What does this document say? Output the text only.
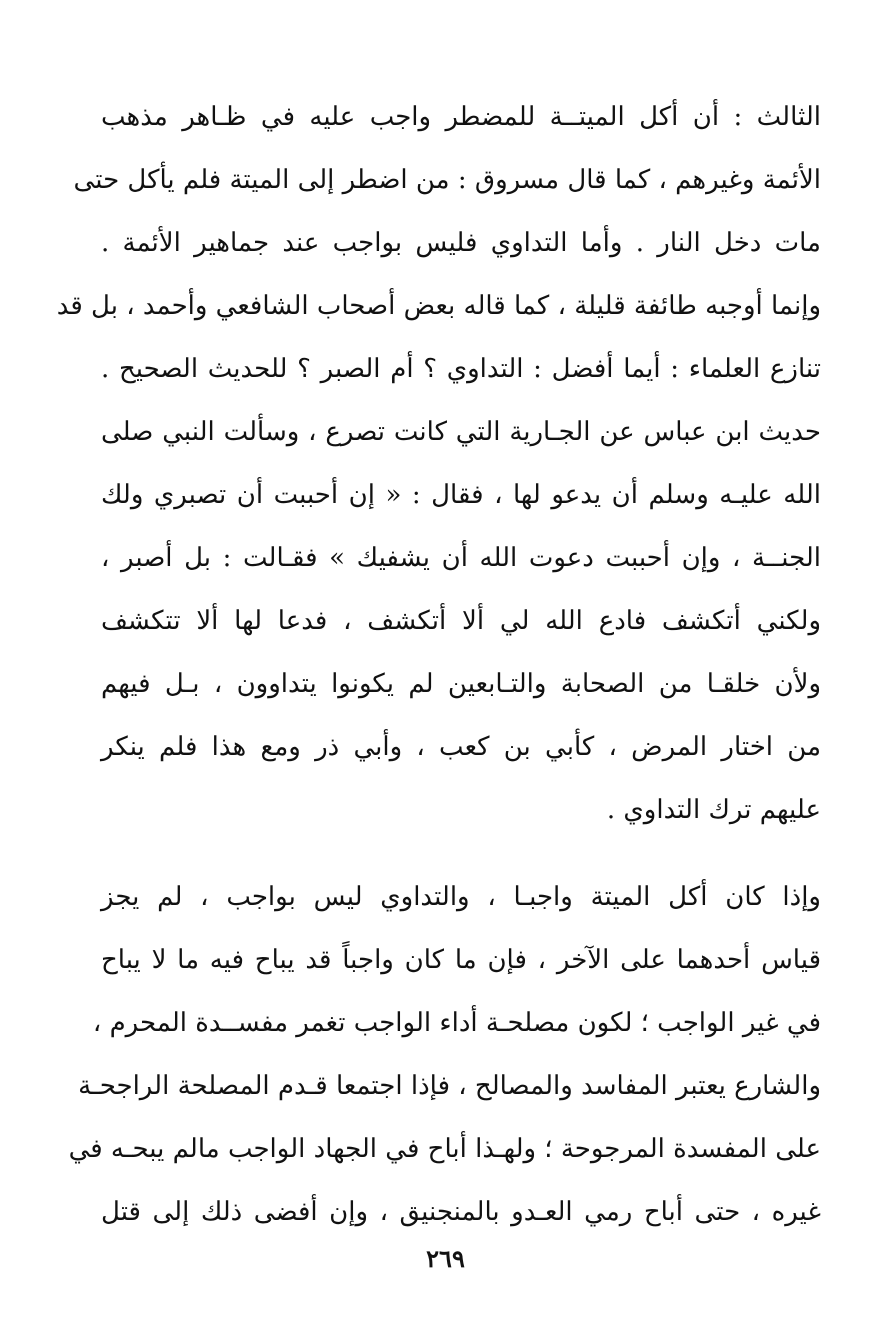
الثالث : أن أكل الميتــة للمضطر واجب عليه في ظـاهر مذهب
الأئمة وغيرهم ، كما قال مسروق : من اضطر إلى الميتة فلم يأكل حتى
مات دخل النار . وأما التداوي فليس بواجب عند جماهير الأئمة .
وإنما أوجبه طائفة قليلة ، كما قاله بعض أصحاب الشافعي وأحمد ، بل قد
تنازع العلماء : أيما أفضل : التداوي ؟ أم الصبر ؟ للحديث الصحيح .
حديث ابن عباس عن الجـارية التي كانت تصرع ، وسألت النبي صلى
الله عليـه وسلم أن يدعو لها ، فقال : « إن أحببت أن تصبري ولك
الجنــة ، وإن أحببت دعوت الله أن يشفيك » فقـالت : بل أصبر ،
ولكني أتكشف فادع الله لي ألا أتكشف ، فدعا لها ألا تتكشف
ولأن خلقـا من الصحابة والتـابعين لم يكونوا يتداوون ، بـل فيهم
من اختار المرض ، كأبي بن كعب ، وأبي ذر ومع هذا فلم ينكر
عليهم ترك التداوي .
وإذا كان أكل الميتة واجبـا ، والتداوي ليس بواجب ، لم يجز
قياس أحدهما على الآخر ، فإن ما كان واجباً قد يباح فيه ما لا يباح
في غير الواجب ؛ لكون مصلحـة أداء الواجب تغمر مفســدة المحرم ،
والشارع يعتبر المفاسد والمصالح ، فإذا اجتمعا قـدم المصلحة الراجحـة
على المفسدة المرجوحة ؛ ولهـذا أباح في الجهاد الواجب مالم يبحـه في
غيره ، حتى أباح رمي العـدو بالمنجنيق ، وإن أفضى ذلك إلى قتل
٢٦٩
